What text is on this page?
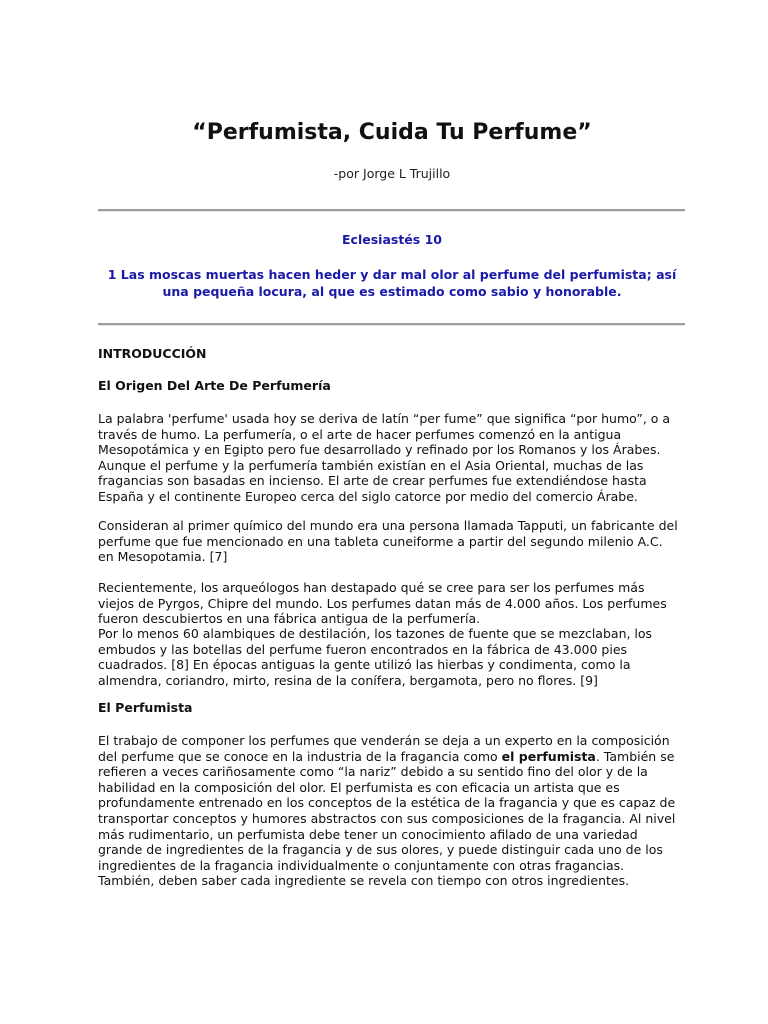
“Perfumista, Cuida Tu Perfume”
-por Jorge L Trujillo
Eclesiastés 10
1 Las moscas muertas hacen heder y dar mal olor al perfume del perfumista; así
una pequeña locura, al que es estimado como sabio y honorable.
INTRODUCCIÓN
El Origen Del Arte De Perfumería

La palabra 'perfume' usada hoy se deriva de latín “per fume” que significa “por humo”, o a
través de humo. La perfumería, o el arte de hacer perfumes comenzó en la antigua
Mesopotámica y en Egipto pero fue desarrollado y refinado por los Romanos y los Árabes.
Aunque el perfume y la perfumería también existían en el Asia Oriental, muchas de las
fragancias son basadas en incienso. El arte de crear perfumes fue extendiéndose hasta
España y el continente Europeo cerca del siglo catorce por medio del comercio Árabe.

Consideran al primer químico del mundo era una persona llamada Tapputi, un fabricante del
perfume que fue mencionado en una tableta cuneiforme a partir del segundo milenio A.C.
en Mesopotamia. [7]

Recientemente, los arqueólogos han destapado qué se cree para ser los perfumes más
viejos de Pyrgos, Chipre del mundo. Los perfumes datan más de 4.000 años. Los perfumes
fueron descubiertos en una fábrica antigua de la perfumería.

Por lo menos 60 alambiques de destilación, los tazones de fuente que se mezclaban, los
embudos y las botellas del perfume fueron encontrados en la fábrica de 43.000 pies
cuadrados. [8] En épocas antiguas la gente utilizó las hierbas y condimenta, como la
almendra, coriandro, mirto, resina de la conífera, bergamota, pero no flores. [9]

El Perfumista

El trabajo de componer los perfumes que venderán se deja a un experto en la composición
del perfume que se conoce en la industria de la fragancia como el perfumista. También se
refieren a veces cariñosamente como “la nariz” debido a su sentido fino del olor y de la
habilidad en la composición del olor. El perfumista es con eficacia un artista que es
profundamente entrenado en los conceptos de la estética de la fragancia y que es capaz de
transportar conceptos y humores abstractos con sus composiciones de la fragancia. Al nivel
más rudimentario, un perfumista debe tener un conocimiento afilado de una variedad
grande de ingredientes de la fragancia y de sus olores, y puede distinguir cada uno de los
ingredientes de la fragancia individualmente o conjuntamente con otras fragancias.
También, deben saber cada ingrediente se revela con tiempo con otros ingredientes.
